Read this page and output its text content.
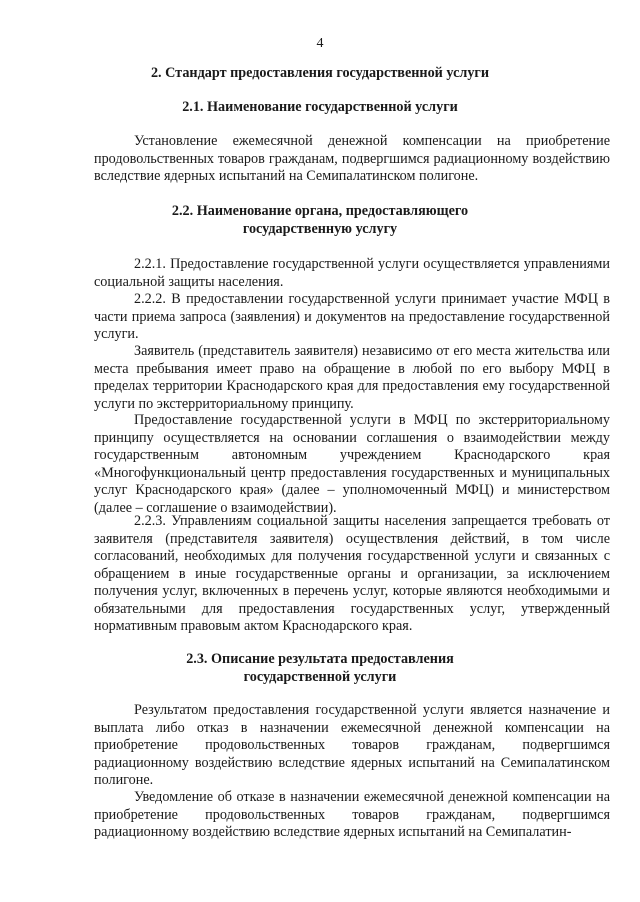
4
2. Стандарт предоставления государственной услуги
2.1. Наименование государственной услуги
Установление ежемесячной денежной компенсации на приобретение продовольственных товаров гражданам, подвергшимся радиационному воздействию вследствие ядерных испытаний на Семипалатинском полигоне.
2.2. Наименование органа, предоставляющего
государственную услугу
2.2.1. Предоставление государственной услуги осуществляется управлениями социальной защиты населения.
2.2.2. В предоставлении государственной услуги принимает участие МФЦ в части приема запроса (заявления) и документов на предоставление государственной услуги.
Заявитель (представитель заявителя) независимо от его места жительства или места пребывания имеет право на обращение в любой по его выбору МФЦ в пределах территории Краснодарского края для предоставления ему государственной услуги по экстерриториальному принципу.
Предоставление государственной услуги в МФЦ по экстерриториальному принципу осуществляется на основании соглашения о взаимодействии между государственным автономным учреждением Краснодарского края «Многофункциональный центр предоставления государственных и муниципальных услуг Краснодарского края» (далее – уполномоченный МФЦ) и министерством (далее – соглашение о взаимодействии).
2.2.3. Управлениям социальной защиты населения запрещается требовать от заявителя (представителя заявителя) осуществления действий, в том числе согласований, необходимых для получения государственной услуги и связанных с обращением в иные государственные органы и организации, за исключением получения услуг, включенных в перечень услуг, которые являются необходимыми и обязательными для предоставления государственных услуг, утвержденный нормативным правовым актом Краснодарского края.
2.3. Описание результата предоставления
государственной услуги
Результатом предоставления государственной услуги является назначение и выплата либо отказ в назначении ежемесячной денежной компенсации на приобретение продовольственных товаров гражданам, подвергшимся радиационному воздействию вследствие ядерных испытаний на Семипалатинском полигоне.
Уведомление об отказе в назначении ежемесячной денежной компенсации на приобретение продовольственных товаров гражданам, подвергшимся радиационному воздействию вследствие ядерных испытаний на Семипалатин-
